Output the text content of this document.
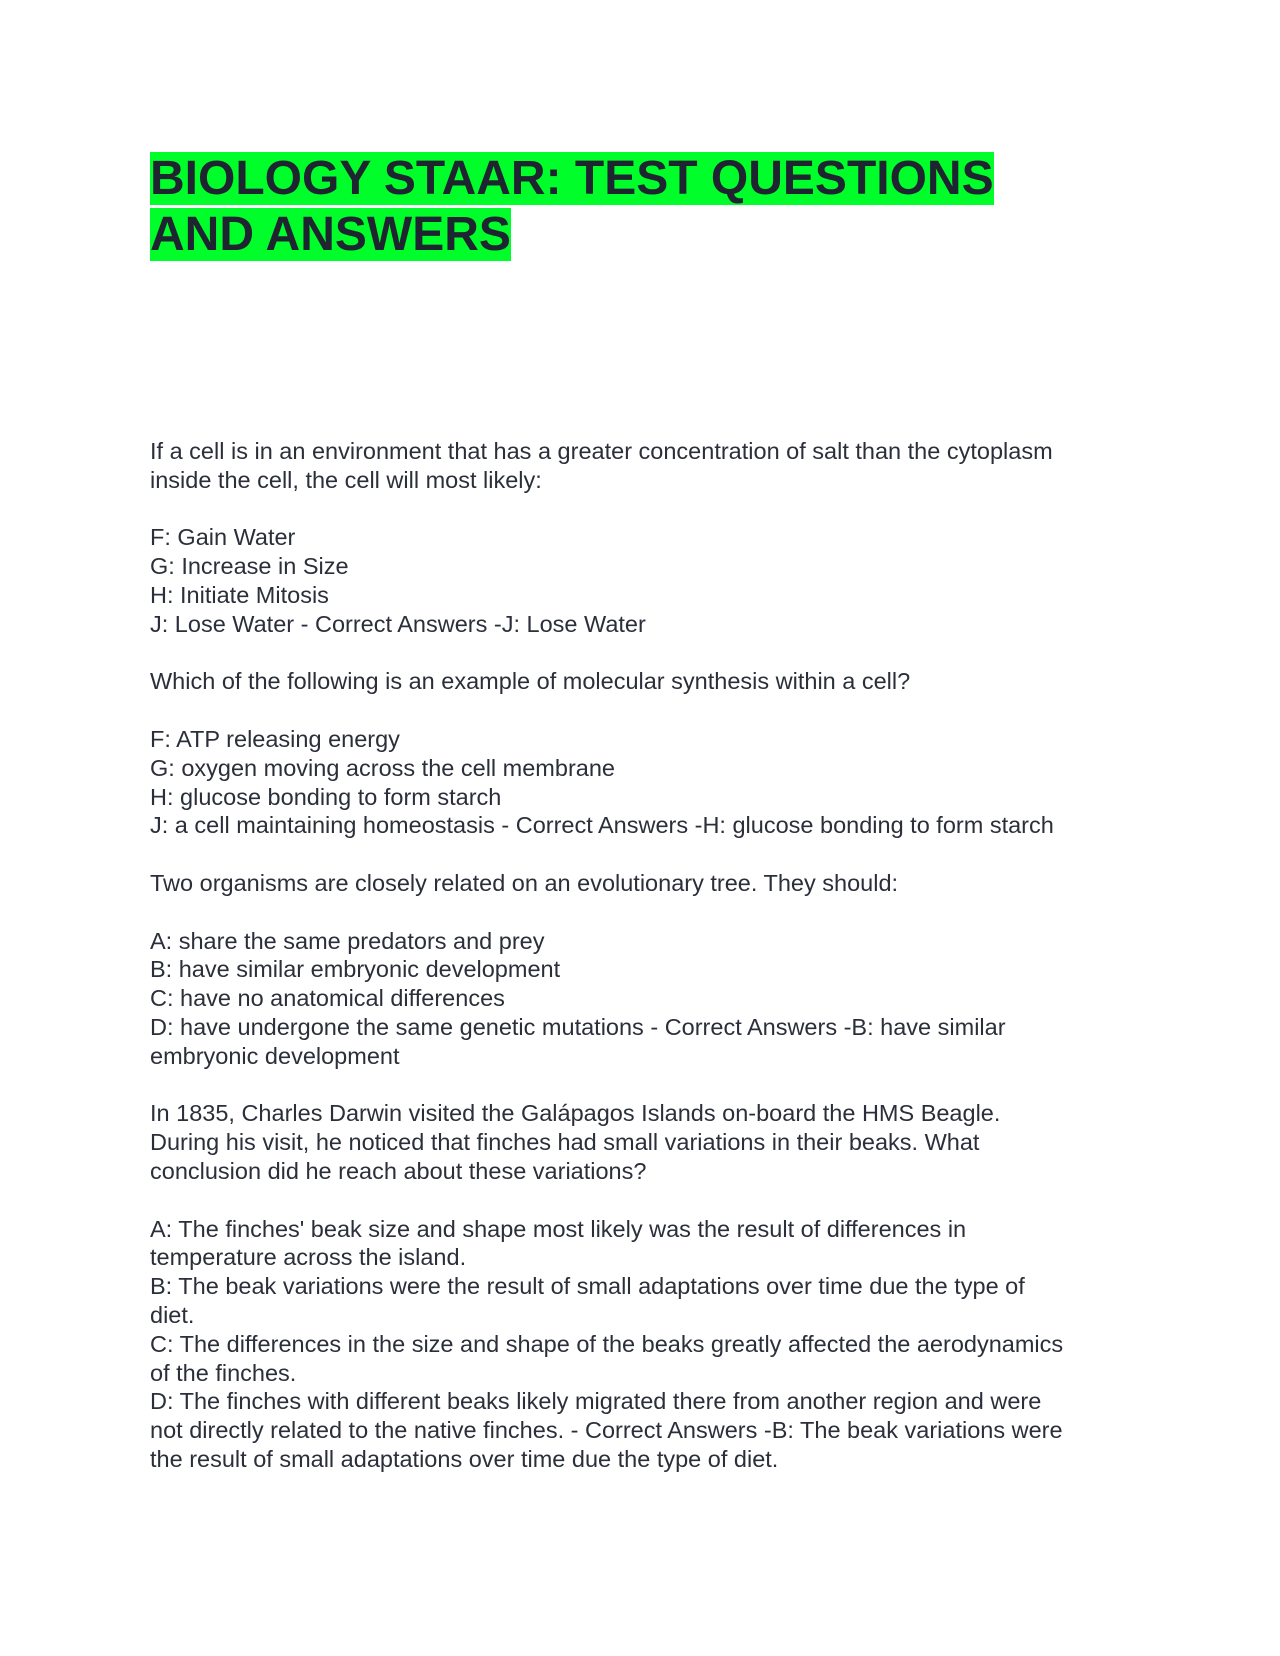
BIOLOGY STAAR: TEST QUESTIONS
AND ANSWERS
If a cell is in an environment that has a greater concentration of salt than the cytoplasm
inside the cell, the cell will most likely:
F: Gain Water
G: Increase in Size
H: Initiate Mitosis
J: Lose Water - Correct Answers -J: Lose Water
Which of the following is an example of molecular synthesis within a cell?
F: ATP releasing energy
G: oxygen moving across the cell membrane
H: glucose bonding to form starch
J: a cell maintaining homeostasis - Correct Answers -H: glucose bonding to form starch
Two organisms are closely related on an evolutionary tree. They should:
A: share the same predators and prey
B: have similar embryonic development
C: have no anatomical differences
D: have undergone the same genetic mutations - Correct Answers -B: have similar
embryonic development
In 1835, Charles Darwin visited the Galápagos Islands on-board the HMS Beagle.
During his visit, he noticed that finches had small variations in their beaks. What
conclusion did he reach about these variations?
A: The finches' beak size and shape most likely was the result of differences in
temperature across the island.
B: The beak variations were the result of small adaptations over time due the type of
diet.
C: The differences in the size and shape of the beaks greatly affected the aerodynamics
of the finches.
D: The finches with different beaks likely migrated there from another region and were
not directly related to the native finches. - Correct Answers -B: The beak variations were
the result of small adaptations over time due the type of diet.
